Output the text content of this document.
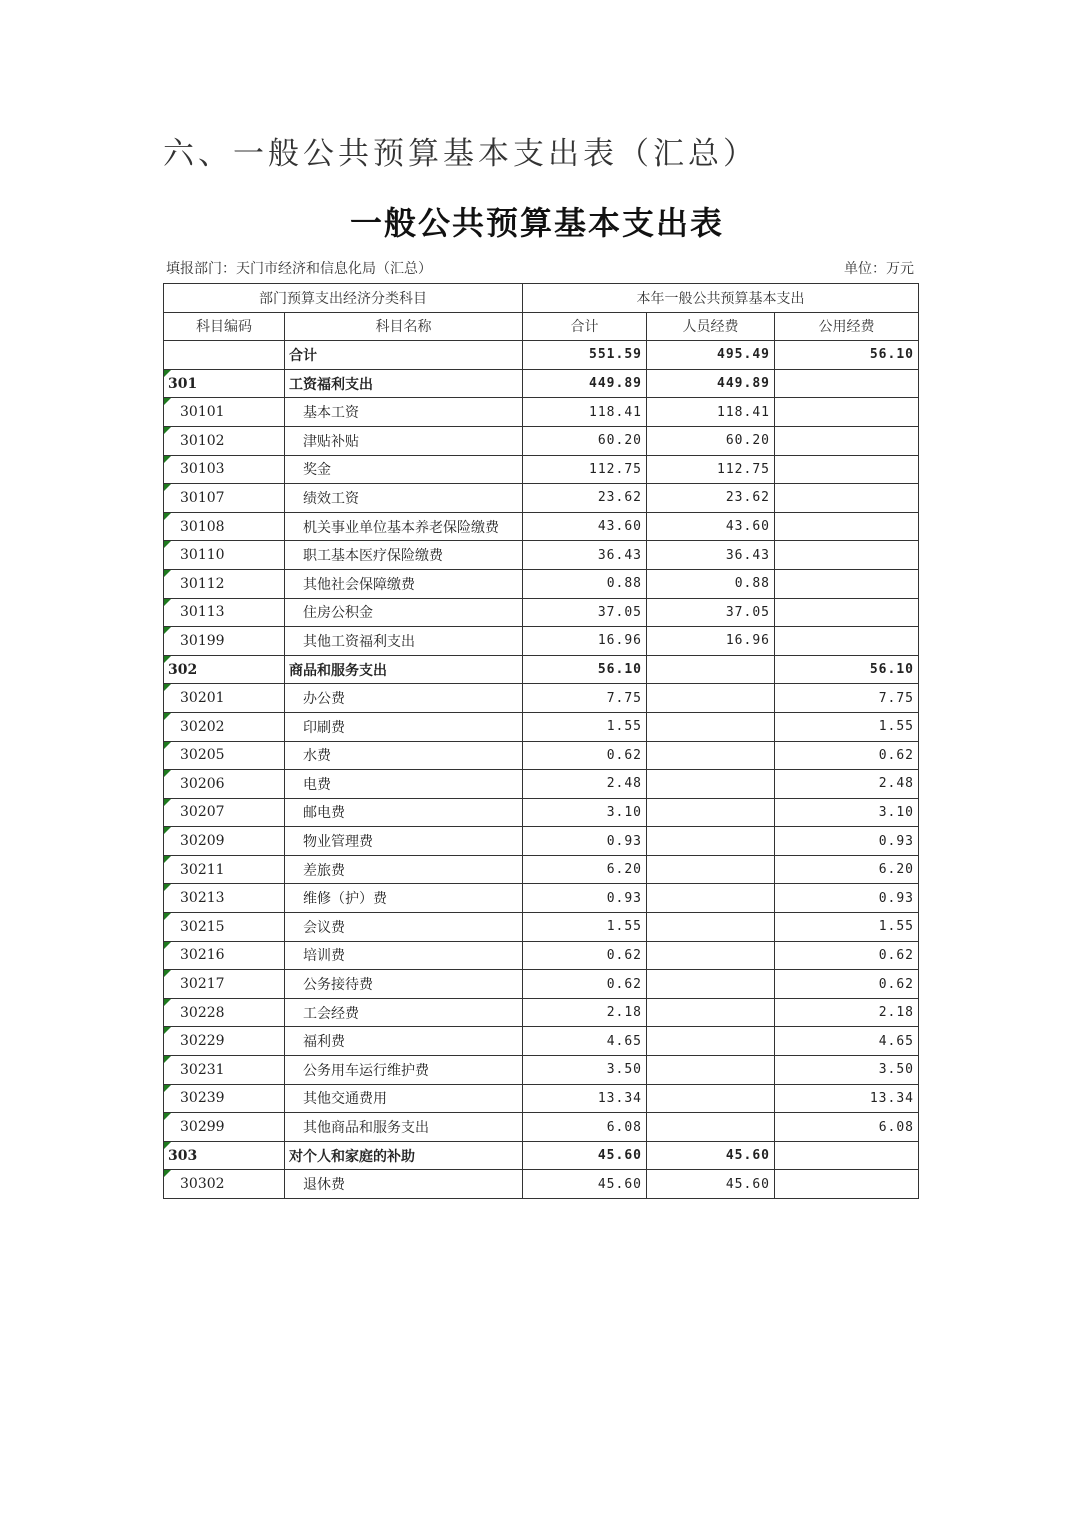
六、一般公共预算基本支出表（汇总）
一般公共预算基本支出表
填报部门：天门市经济和信息化局（汇总）	单位：万元
部门预算支出经济分类科目		本年一般公共预算基本支出		
科目编码	科目名称	合计	人员经费	公用经费
	合计	551.59	495.49	56.10
301	工资福利支出	449.89	449.89	
30101	基本工资	118.41	118.41	
30102	津贴补贴	60.20	60.20	
30103	奖金	112.75	112.75	
30107	绩效工资	23.62	23.62	
30108	机关事业单位基本养老保险缴费	43.60	43.60	
30110	职工基本医疗保险缴费	36.43	36.43	
30112	其他社会保障缴费	0.88	0.88	
30113	住房公积金	37.05	37.05	
30199	其他工资福利支出	16.96	16.96	
302	商品和服务支出	56.10		56.10
30201	办公费	7.75		7.75
30202	印刷费	1.55		1.55
30205	水费	0.62		0.62
30206	电费	2.48		2.48
30207	邮电费	3.10		3.10
30209	物业管理费	0.93		0.93
30211	差旅费	6.20		6.20
30213	维修（护）费	0.93		0.93
30215	会议费	1.55		1.55
30216	培训费	0.62		0.62
30217	公务接待费	0.62		0.62
30228	工会经费	2.18		2.18
30229	福利费	4.65		4.65
30231	公务用车运行维护费	3.50		3.50
30239	其他交通费用	13.34		13.34
30299	其他商品和服务支出	6.08		6.08
303	对个人和家庭的补助	45.60	45.60	
30302	退休费	45.60	45.60	
